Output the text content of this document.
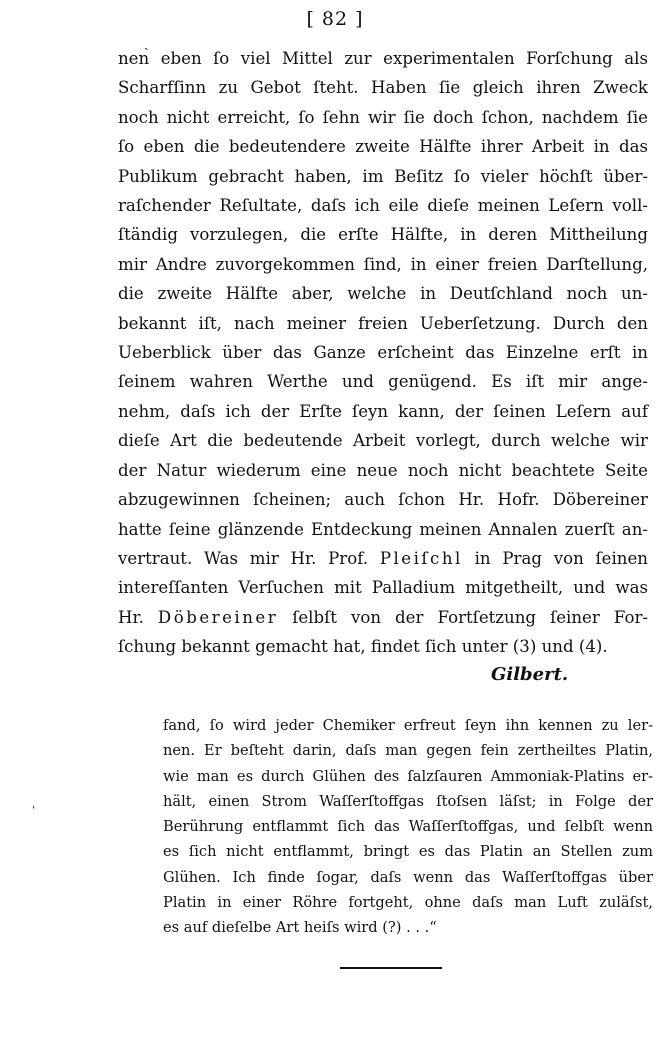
[ 82 ]
ˎ
nen eben ſo viel Mittel zur experimentalen Forſchung als
Scharfſinn zu Gebot ſteht. Haben ſie gleich ihren Zweck
noch nicht erreicht, ſo ſehn wir ſie doch ſchon, nachdem ſie
ſo eben die bedeutendere zweite Hälfte ihrer Arbeit in das
Publikum gebracht haben, im Beſitz ſo vieler höchſt über-
raſchender Reſultate, daſs ich eile dieſe meinen Leſern voll-
ſtändig vorzulegen, die erſte Hälfte, in deren Mittheilung
mir Andre zuvorgekommen ſind, in einer freien Darſtellung,
die zweite Hälfte aber, welche in Deutſchland noch un-
bekannt iſt, nach meiner freien Ueberſetzung. Durch den
Ueberblick über das Ganze erſcheint das Einzelne erſt in
ſeinem wahren Werthe und genügend. Es iſt mir ange-
nehm, daſs ich der Erſte ſeyn kann, der ſeinen Leſern auf
dieſe Art die bedeutende Arbeit vorlegt, durch welche wir
der Natur wiederum eine neue noch nicht beachtete Seite
abzugewinnen ſcheinen; auch ſchon Hr. Hofr. Döbereiner
hatte ſeine glänzende Entdeckung meinen Annalen zuerſt an-
vertraut. Was mir Hr. Prof. Pleiſchl in Prag von ſeinen
intereſſanten Verſuchen mit Palladium mitgetheilt, und was
Hr. Döbereiner ſelbſt von der Fortſetzung ſeiner For-
ſchung bekannt gemacht hat, findet ſich unter (3) und (4).
Gilbert.
fand, ſo wird jeder Chemiker erfreut ſeyn ihn kennen zu ler-
nen. Er beſteht darin, daſs man gegen fein zertheiltes Platin,
wie man es durch Glühen des ſalzſauren Ammoniak-Platins er-
hält, einen Strom Waſſerſtoffgas ſtoſsen läſst; in Folge der
Berührung entflammt ſich das Waſſerſtoffgas, und ſelbſt wenn
es ſich nicht entflammt, bringt es das Platin an Stellen zum
Glühen. Ich finde ſogar, daſs wenn das Waſſerſtoffgas über
Platin in einer Röhre fortgeht, ohne daſs man Luft zuläſst,
es auf dieſelbe Art heiſs wird (?) . . .“
ˌ
